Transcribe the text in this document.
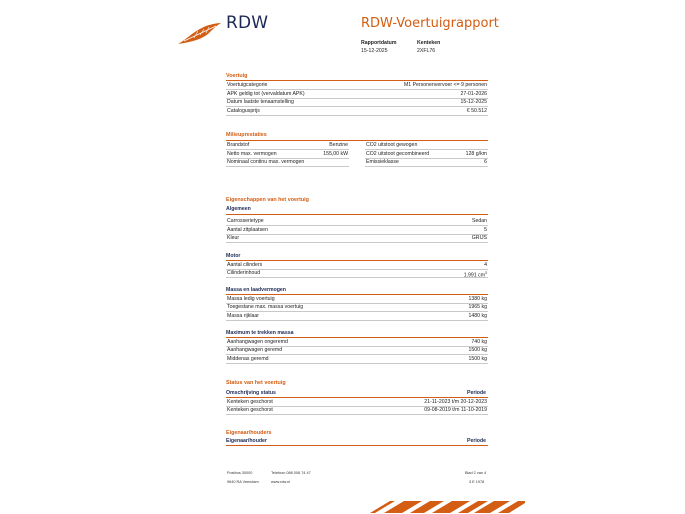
RDW	RDW-Voertuigrapport
Rapportdatum
15-12-2025
Kenteken
2XFL76
Voertuig
Voertuigcategorie	M1 Personenvervoer <= 9 personen
APK geldig tot (vervaldatum APK)	27-01-2026
Datum laatste tenaamstelling	15-12-2025
Catalogusprijs	€ 50.512
Milieuprestaties
Brandstof	Benzine
Netto max. vermogen	155,00 kW
Nominaal continu max. vermogen
CO2 uitstoot gewogen
CO2 uitstoot gecombineerd	128 g/km
Emissieklasse	6
Eigenschappen van het voertuig
Algemeen
Carrosserietype	Sedan
Aantal zitplaatsen	5
Kleur	GRIJS
Motor
Aantal cilinders	4
Cilinderinhoud	1.991 $cm^3$
Massa en laadvermogen
Massa ledig voertuig	1380 kg
Toegestane max. massa voertuig	1965 kg
Massa rijklaar	1480 kg
Maximum te trekken massa
Aanhangwagen ongeremd	740 kg
Aanhangwagen geremd	1500 kg
Middenas geremd	1500 kg
Status van het voertuig
Omschrijving status	Periode
Kenteken geschorst	21-11-2023 t/m 20-12-2023
Kenteken geschorst	09-08-2019 t/m 11-10-2019
Eigenaar/houders
Eigenaar/houder	Periode
Postbus 30000
9640 RA Veendam
Telefoon 088 008 74 47
www.rdw.nl
Blad 2 van 4
3 E 1978
